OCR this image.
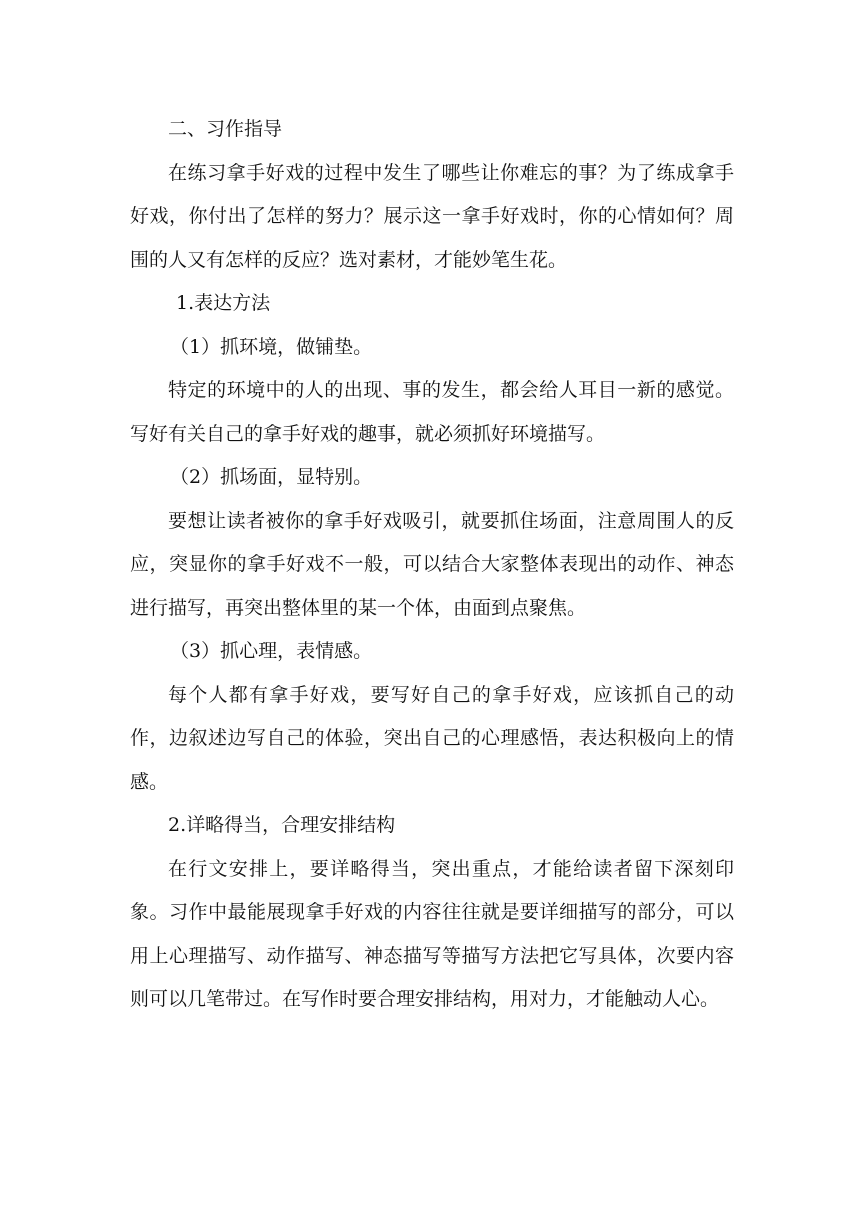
二、习作指导

在练习拿手好戏的过程中发生了哪些让你难忘的事？为了练成拿手好戏，你付出了怎样的努力？展示这一拿手好戏时，你的心情如何？周围的人又有怎样的反应？选对素材，才能妙笔生花。

1.表达方法

（1）抓环境，做铺垫。

特定的环境中的人的出现、事的发生，都会给人耳目一新的感觉。写好有关自己的拿手好戏的趣事，就必须抓好环境描写。

（2）抓场面，显特别。

要想让读者被你的拿手好戏吸引，就要抓住场面，注意周围人的反应，突显你的拿手好戏不一般，可以结合大家整体表现出的动作、神态进行描写，再突出整体里的某一个体，由面到点聚焦。

（3）抓心理，表情感。

每个人都有拿手好戏，要写好自己的拿手好戏，应该抓自己的动作，边叙述边写自己的体验，突出自己的心理感悟，表达积极向上的情感。

2.详略得当，合理安排结构

在行文安排上，要详略得当，突出重点，才能给读者留下深刻印象。习作中最能展现拿手好戏的内容往往就是要详细描写的部分，可以用上心理描写、动作描写、神态描写等描写方法把它写具体，次要内容则可以几笔带过。在写作时要合理安排结构，用对力，才能触动人心。
